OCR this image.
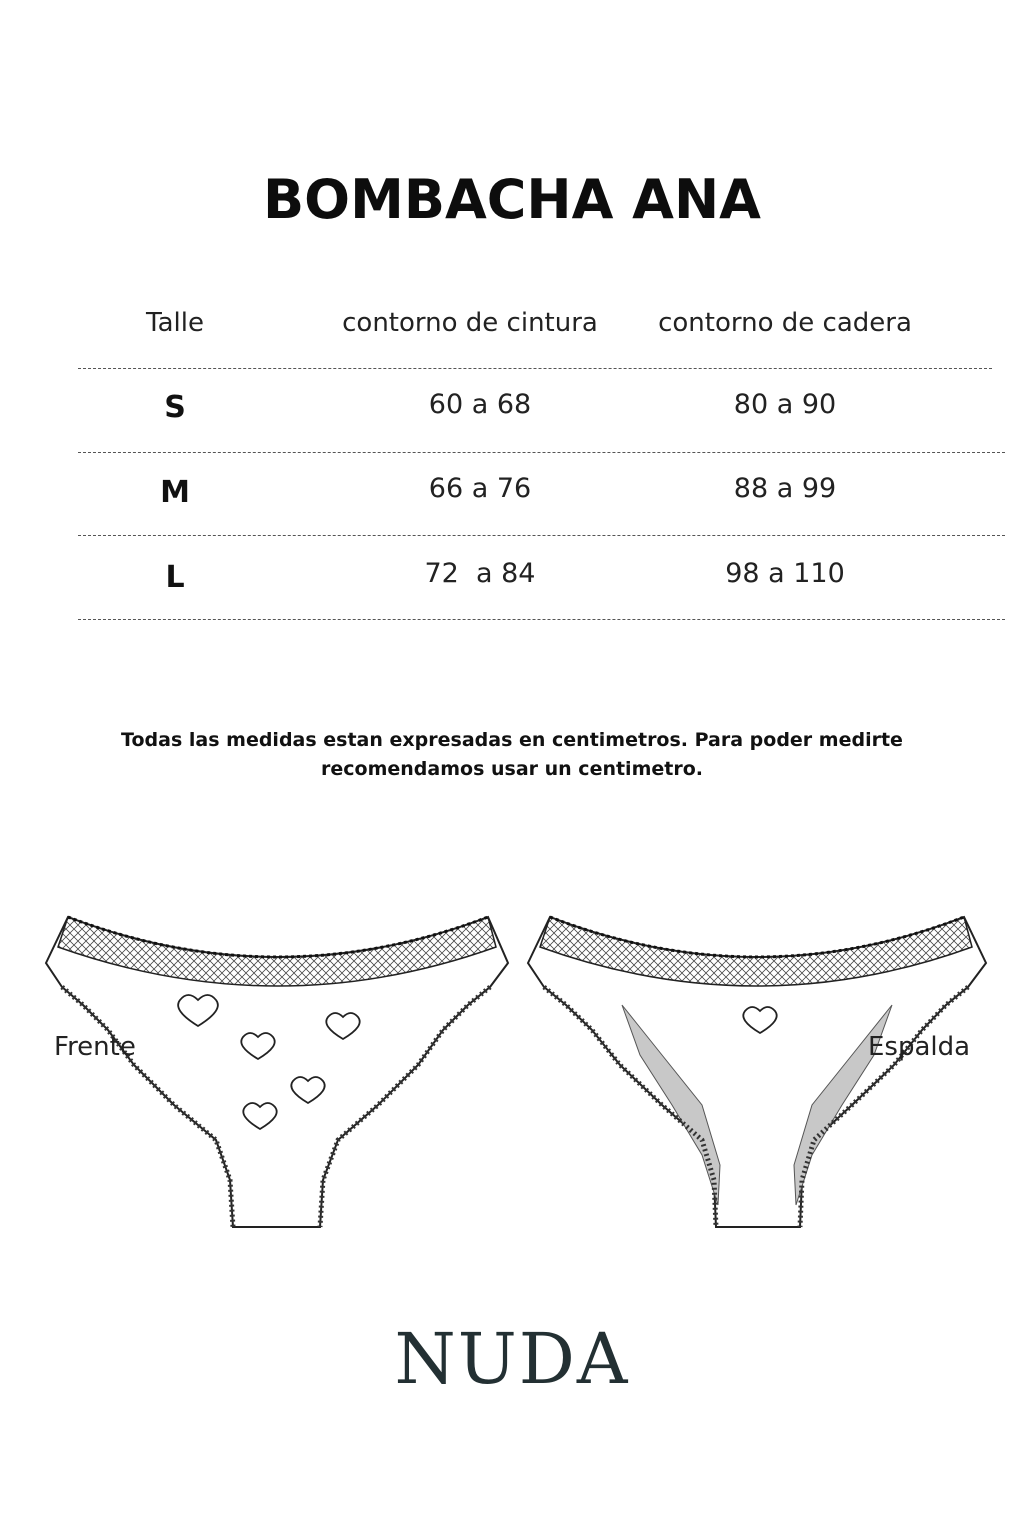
BOMBACHA ANA
Talle	contorno de cintura	contorno de cadera
S	60 a 68	80 a 90
M	66 a 76	88 a 99
L	72  a 84	98 a 110
Todas las medidas estan expresadas en centimetros. Para poder medirte recomendamos usar un centimetro.
Frente	Espalda
NUDA
